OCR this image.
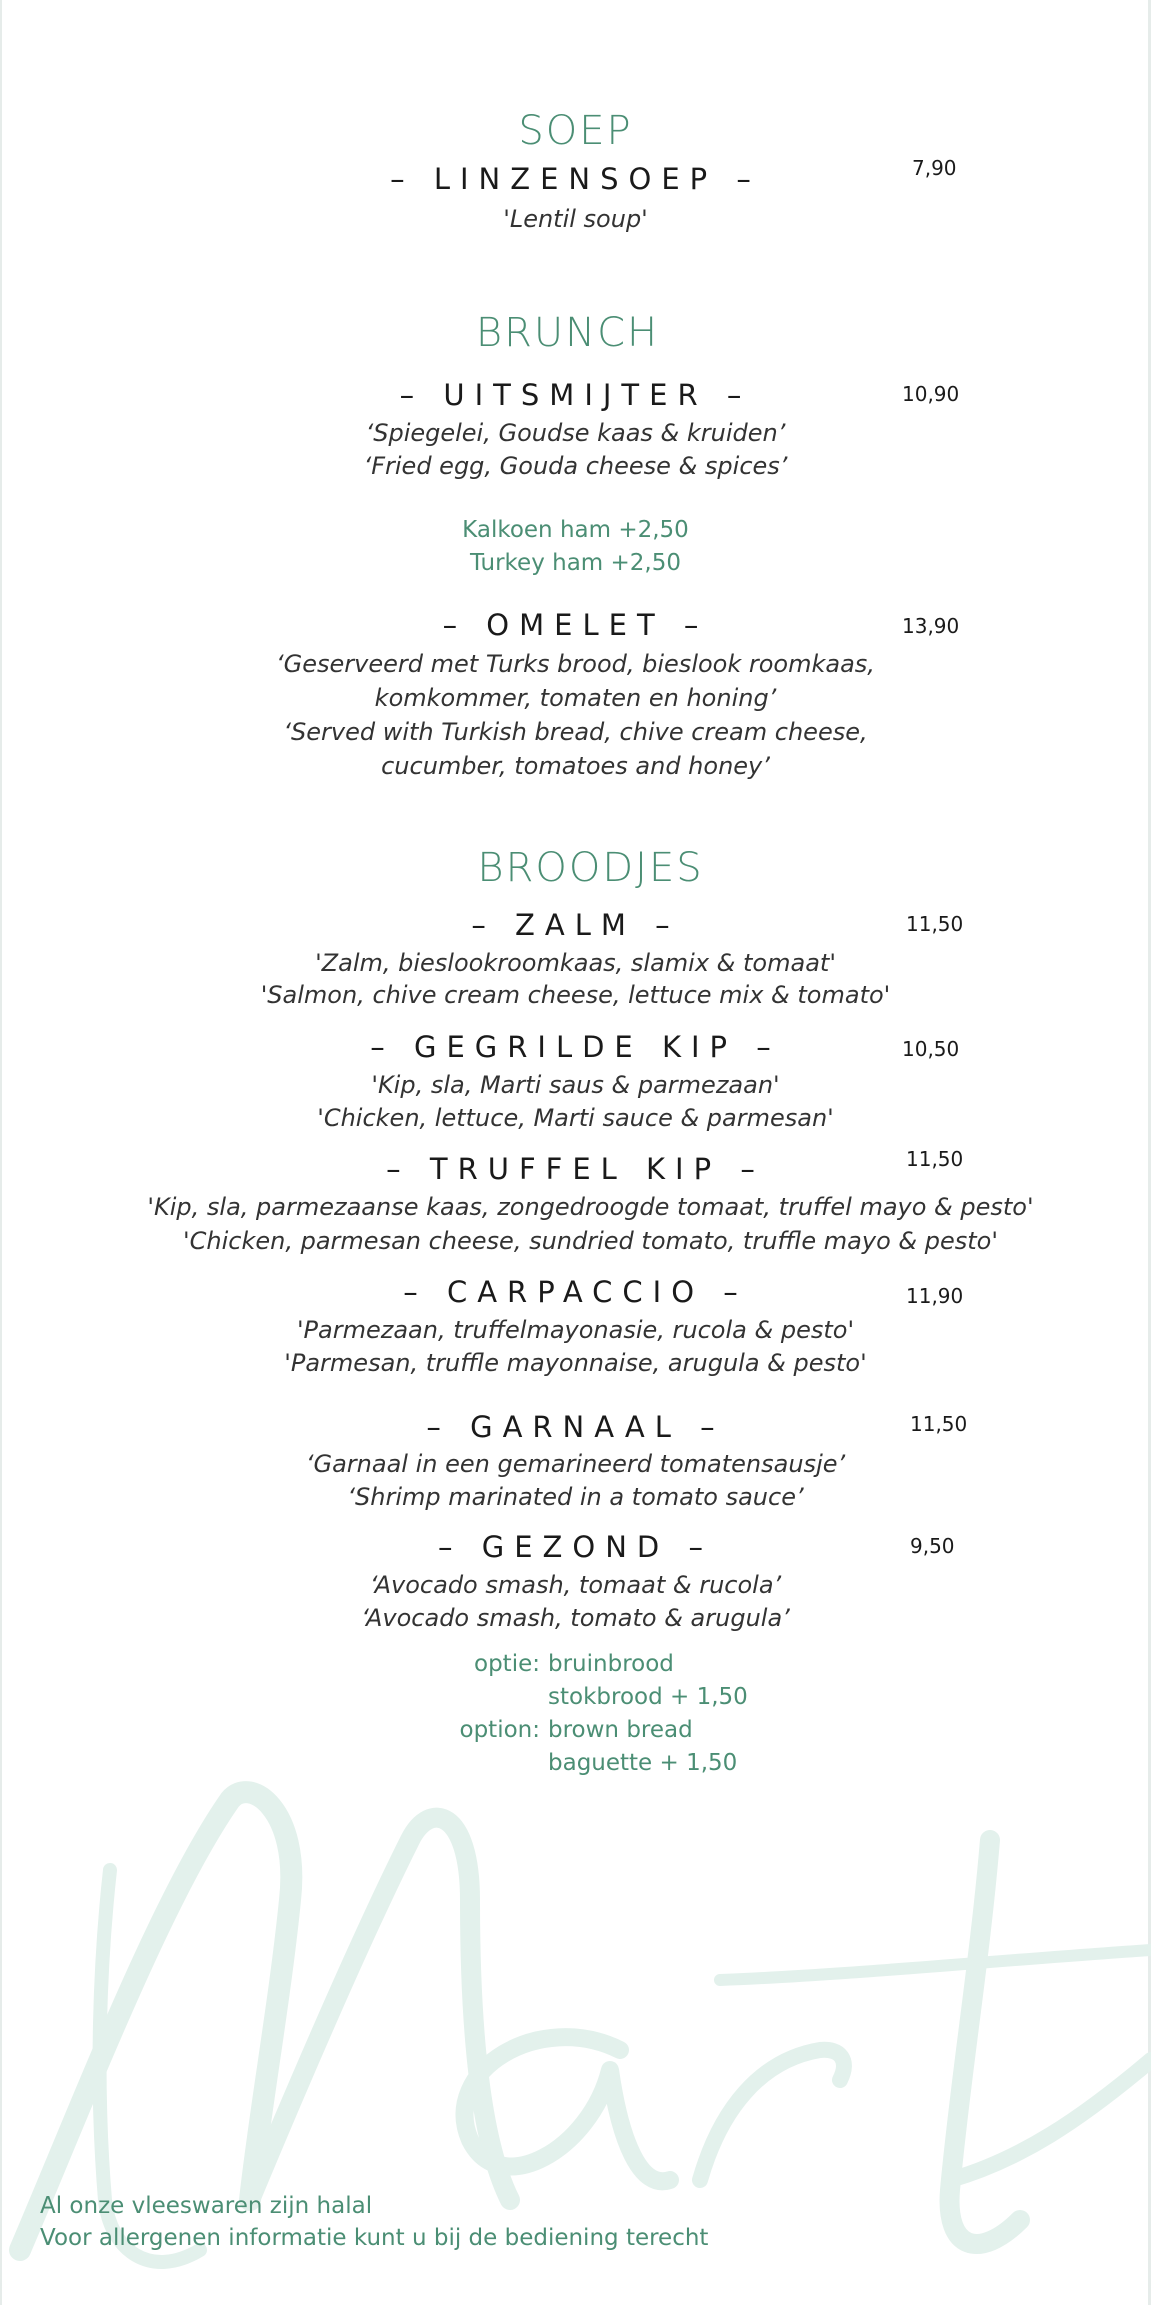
SOEP
– LINZENSOEP –	7,90
'Lentil soup'
BRUNCH
– UITSMIJTER –	10,90
‘Spiegelei, Goudse kaas & kruiden’
‘Fried egg, Gouda cheese & spices’
Kalkoen ham +2,50
Turkey ham +2,50
– OMELET –	13,90
‘Geserveerd met Turks brood, bieslook roomkaas,
komkommer, tomaten en honing’
‘Served with Turkish bread, chive cream cheese,
cucumber, tomatoes and honey’
BROODJES
– ZALM –	11,50
'Zalm, bieslookroomkaas, slamix & tomaat'
'Salmon, chive cream cheese, lettuce mix & tomato'
– GEGRILDE KIP –	10,50
'Kip, sla, Marti saus & parmezaan'
'Chicken, lettuce, Marti sauce & parmesan'
– TRUFFEL KIP –	11,50
'Kip, sla, parmezaanse kaas, zongedroogde tomaat, truffel mayo & pesto'
'Chicken, parmesan cheese, sundried tomato, truffle mayo & pesto'
– CARPACCIO –	11,90
'Parmezaan, truffelmayonasie, rucola & pesto'
'Parmesan, truffle mayonnaise, arugula & pesto'
– GARNAAL –	11,50
‘Garnaal in een gemarineerd tomatensausje’
‘Shrimp marinated in a tomato sauce’
– GEZOND –	9,50
‘Avocado smash, tomaat & rucola’
‘Avocado smash, tomato & arugula’
optie: bruinbrood
stokbrood + 1,50
option: brown bread
baguette + 1,50
Al onze vleeswaren zijn halal
Voor allergenen informatie kunt u bij de bediening terecht
